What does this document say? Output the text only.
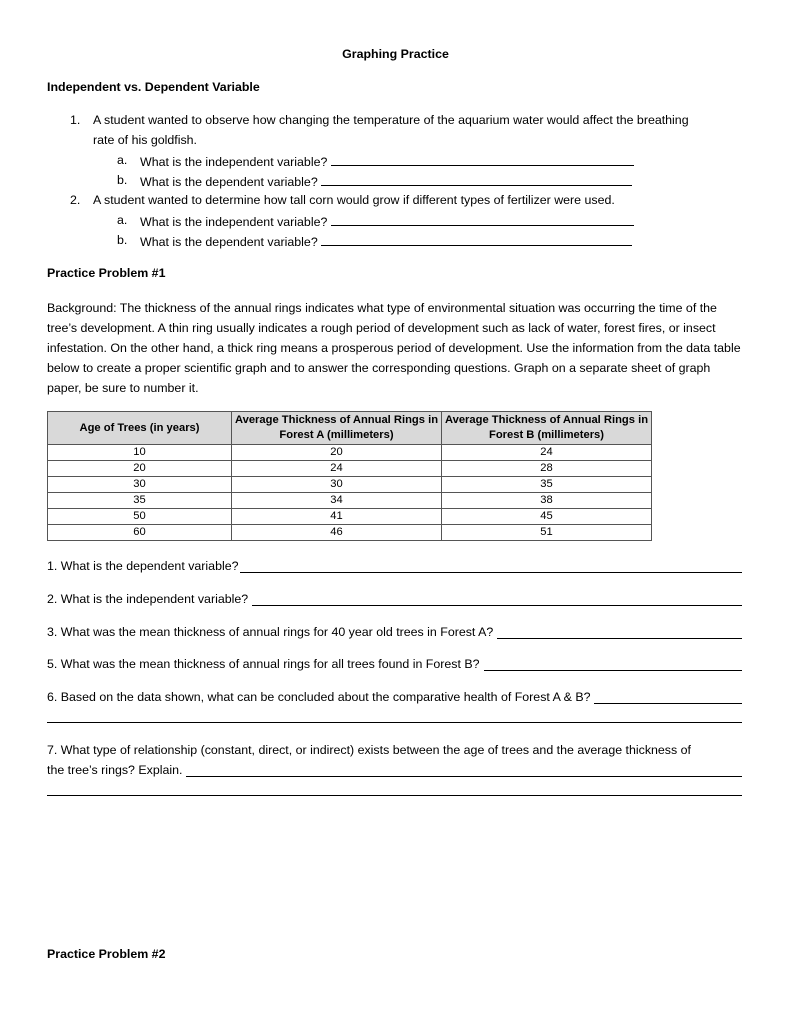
Graphing Practice
Independent vs. Dependent Variable
1. A student wanted to observe how changing the temperature of the aquarium water would affect the breathing
rate of his goldfish.
a. What is the independent variable?
b. What is the dependent variable?
2. A student wanted to determine how tall corn would grow if different types of fertilizer were used.
a. What is the independent variable?
b. What is the dependent variable?
Practice Problem #1
Background: The thickness of the annual rings indicates what type of environmental situation was occurring the time of the tree’s development. A thin ring usually indicates a rough period of development such as lack of water, forest fires, or insect infestation. On the other hand, a thick ring means a prosperous period of development. Use the information from the data table below to create a proper scientific graph and to answer the corresponding questions. Graph on a separate sheet of graph paper, be sure to number it.
Age of Trees (in years)	Average Thickness of Annual Rings in Forest A (millimeters)	Average Thickness of Annual Rings in Forest B (millimeters)
10	20	24
20	24	28
30	30	35
35	34	38
50	41	45
60	46	51
1. What is the dependent variable?
2. What is the independent variable?
3. What was the mean thickness of annual rings for 40 year old trees in Forest A?
5. What was the mean thickness of annual rings for all trees found in Forest B?
6. Based on the data shown, what can be concluded about the comparative health of Forest A & B?
7. What type of relationship (constant, direct, or indirect) exists between the age of trees and the average thickness of
the tree’s rings? Explain.
Practice Problem #2
